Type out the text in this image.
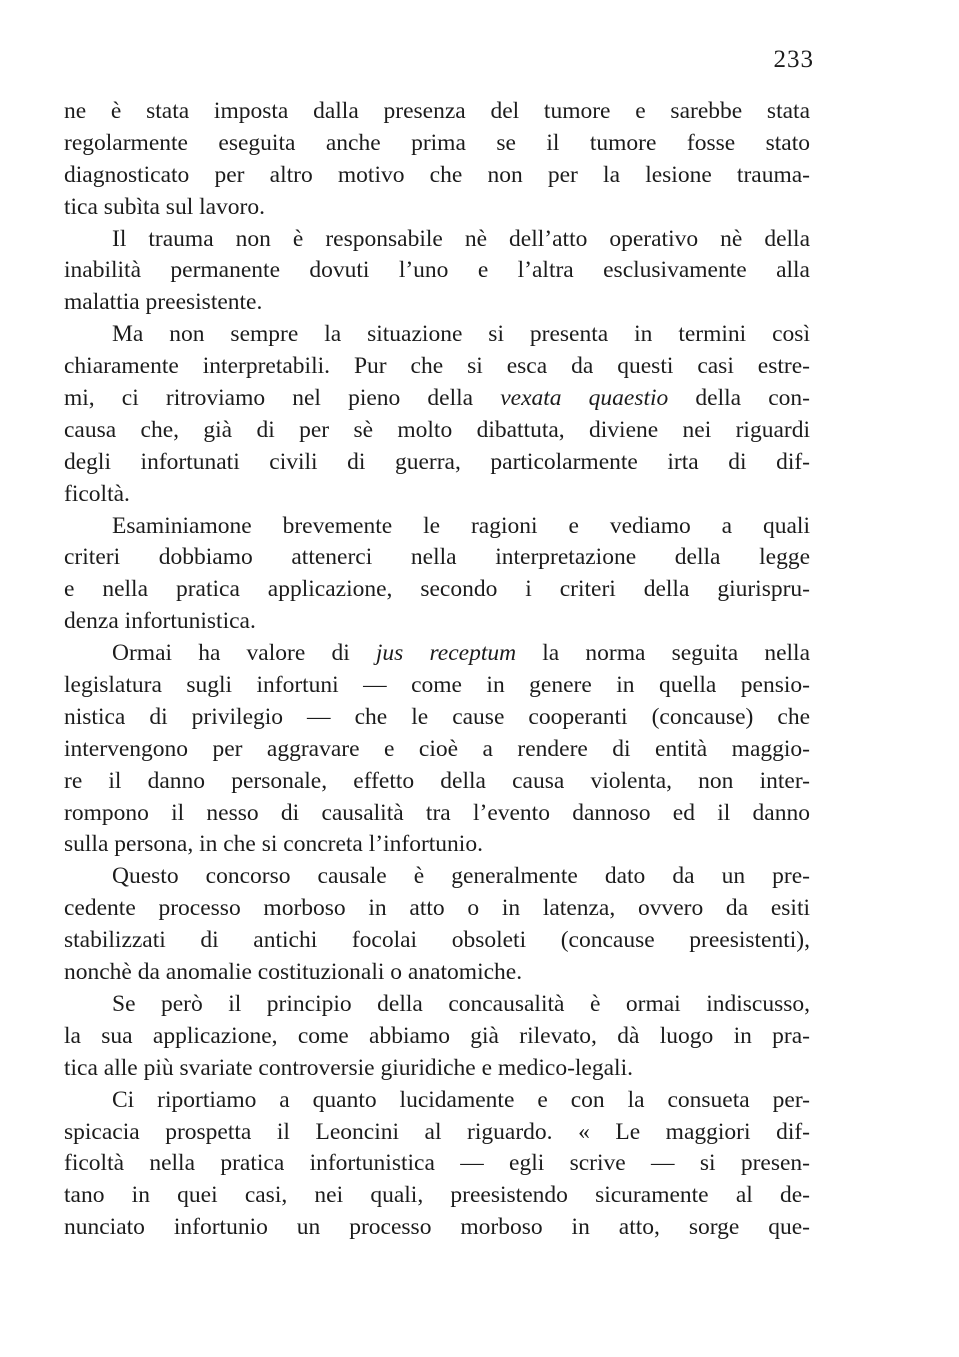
233
ne è stata imposta dalla presenza del tumore e sarebbe stata
regolarmente eseguita anche prima se il tumore fosse stato
diagnosticato per altro motivo che non per la lesione trauma-
tica subìta sul lavoro.
Il trauma non è responsabile nè dell’atto operativo nè della
inabilità permanente dovuti l’uno e l’altra esclusivamente alla
malattia preesistente.
Ma non sempre la situazione si presenta in termini così
chiaramente interpretabili. Pur che si esca da questi casi estre-
mi, ci ritroviamo nel pieno della vexata quaestio della con-
causa che, già di per sè molto dibattuta, diviene nei riguardi
degli infortunati civili di guerra, particolarmente irta di dif-
ficoltà.
Esaminiamone brevemente le ragioni e vediamo a quali
criteri dobbiamo attenerci nella interpretazione della legge
e nella pratica applicazione, secondo i criteri della giurispru-
denza infortunistica.
Ormai ha valore di jus receptum la norma seguita nella
legislatura sugli infortuni — come in genere in quella pensio-
nistica di privilegio — che le cause cooperanti (concause) che
intervengono per aggravare e cioè a rendere di entità maggio-
re il danno personale, effetto della causa violenta, non inter-
rompono il nesso di causalità tra l’evento dannoso ed il danno
sulla persona, in che si concreta l’infortunio.
Questo concorso causale è generalmente dato da un pre-
cedente processo morboso in atto o in latenza, ovvero da esiti
stabilizzati di antichi focolai obsoleti (concause preesistenti),
nonchè da anomalie costituzionali o anatomiche.
Se però il principio della concausalità è ormai indiscusso,
la sua applicazione, come abbiamo già rilevato, dà luogo in pra-
tica alle più svariate controversie giuridiche e medico-legali.
Ci riportiamo a quanto lucidamente e con la consueta per-
spicacia prospetta il Leoncini al riguardo. « Le maggiori dif-
ficoltà nella pratica infortunistica — egli scrive — si presen-
tano in quei casi, nei quali, preesistendo sicuramente al de-
nunciato infortunio un processo morboso in atto, sorge que-
